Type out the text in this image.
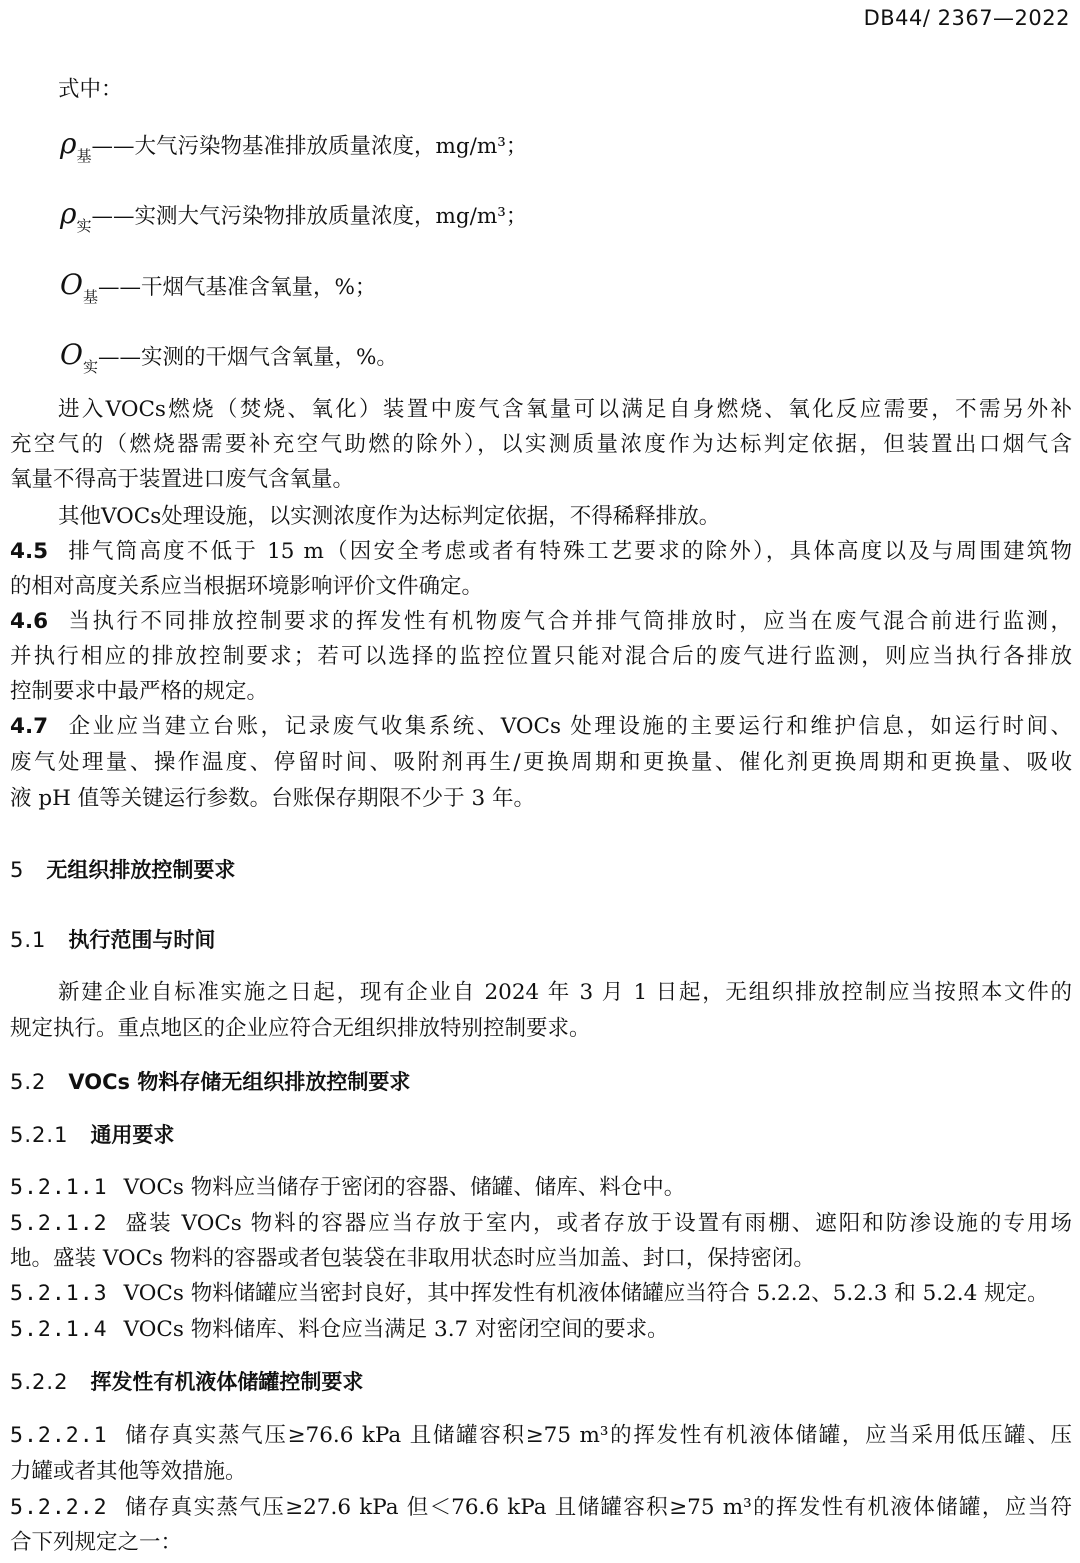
DB44/ 2367—2022
式中：
$\rho_基——$大气污染物基准排放质量浓度，mg/m³；
$\rho_实——$实测大气污染物排放质量浓度，mg/m³；
$O_基——$干烟气基准含氧量，%；
$O_实——$实测的干烟气含氧量，%。
进入VOCs燃烧（焚烧、氧化）装置中废气含氧量可以满足自身燃烧、氧化反应需要，不需另外补
充空气的（燃烧器需要补充空气助燃的除外），以实测质量浓度作为达标判定依据，但装置出口烟气含
氧量不得高于装置进口废气含氧量。
其他VOCs处理设施，以实测浓度作为达标判定依据，不得稀释排放。
4.5 排气筒高度不低于 15 m（因安全考虑或者有特殊工艺要求的除外），具体高度以及与周围建筑物
的相对高度关系应当根据环境影响评价文件确定。
4.6 当执行不同排放控制要求的挥发性有机物废气合并排气筒排放时，应当在废气混合前进行监测，
并执行相应的排放控制要求；若可以选择的监控位置只能对混合后的废气进行监测，则应当执行各排放
控制要求中最严格的规定。
4.7 企业应当建立台账，记录废气收集系统、VOCs 处理设施的主要运行和维护信息，如运行时间、
废气处理量、操作温度、停留时间、吸附剂再生/更换周期和更换量、催化剂更换周期和更换量、吸收
液 pH 值等关键运行参数。台账保存期限不少于 3 年。
5 无组织排放控制要求
5.1 执行范围与时间
新建企业自标准实施之日起，现有企业自 2024 年 3 月 1 日起，无组织排放控制应当按照本文件的
规定执行。重点地区的企业应符合无组织排放特别控制要求。
5.2 VOCs 物料存储无组织排放控制要求
5.2.1 通用要求
5.2.1.1 VOCs 物料应当储存于密闭的容器、储罐、储库、料仓中。
5.2.1.2 盛装 VOCs 物料的容器应当存放于室内，或者存放于设置有雨棚、遮阳和防渗设施的专用场
地。盛装 VOCs 物料的容器或者包装袋在非取用状态时应当加盖、封口，保持密闭。
5.2.1.3 VOCs 物料储罐应当密封良好，其中挥发性有机液体储罐应当符合 5.2.2、5.2.3 和 5.2.4 规定。
5.2.1.4 VOCs 物料储库、料仓应当满足 3.7 对密闭空间的要求。
5.2.2 挥发性有机液体储罐控制要求
5.2.2.1 储存真实蒸气压≥76.6 kPa 且储罐容积≥75 m³的挥发性有机液体储罐，应当采用低压罐、压
力罐或者其他等效措施。
5.2.2.2 储存真实蒸气压≥27.6 kPa 但＜76.6 kPa 且储罐容积≥75 m³的挥发性有机液体储罐，应当符
合下列规定之一：
